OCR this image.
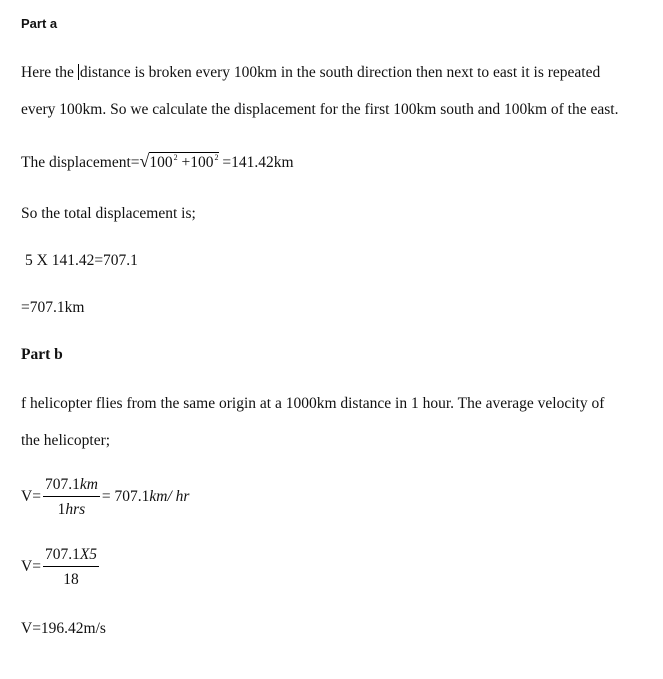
Part a
Here the distance is broken every 100km in the south direction then next to east it is repeated
every 100km. So we calculate the displacement for the first 100km south and 100km of the east.
The $displacement=√100^2 +100^2 =141.42km$
So the total displacement is;
5 X 141.42=707.1
=707.1km
Part b
f helicopter flies from the same origin at a 1000km distance in 1 hour. The average velocity of
the helicopter;
$V= \frac{707.1km}{\text{1hrs}} = 707.1km/$ hr
$V= \frac{707.1X5}{18}$
V=196.42m/s
